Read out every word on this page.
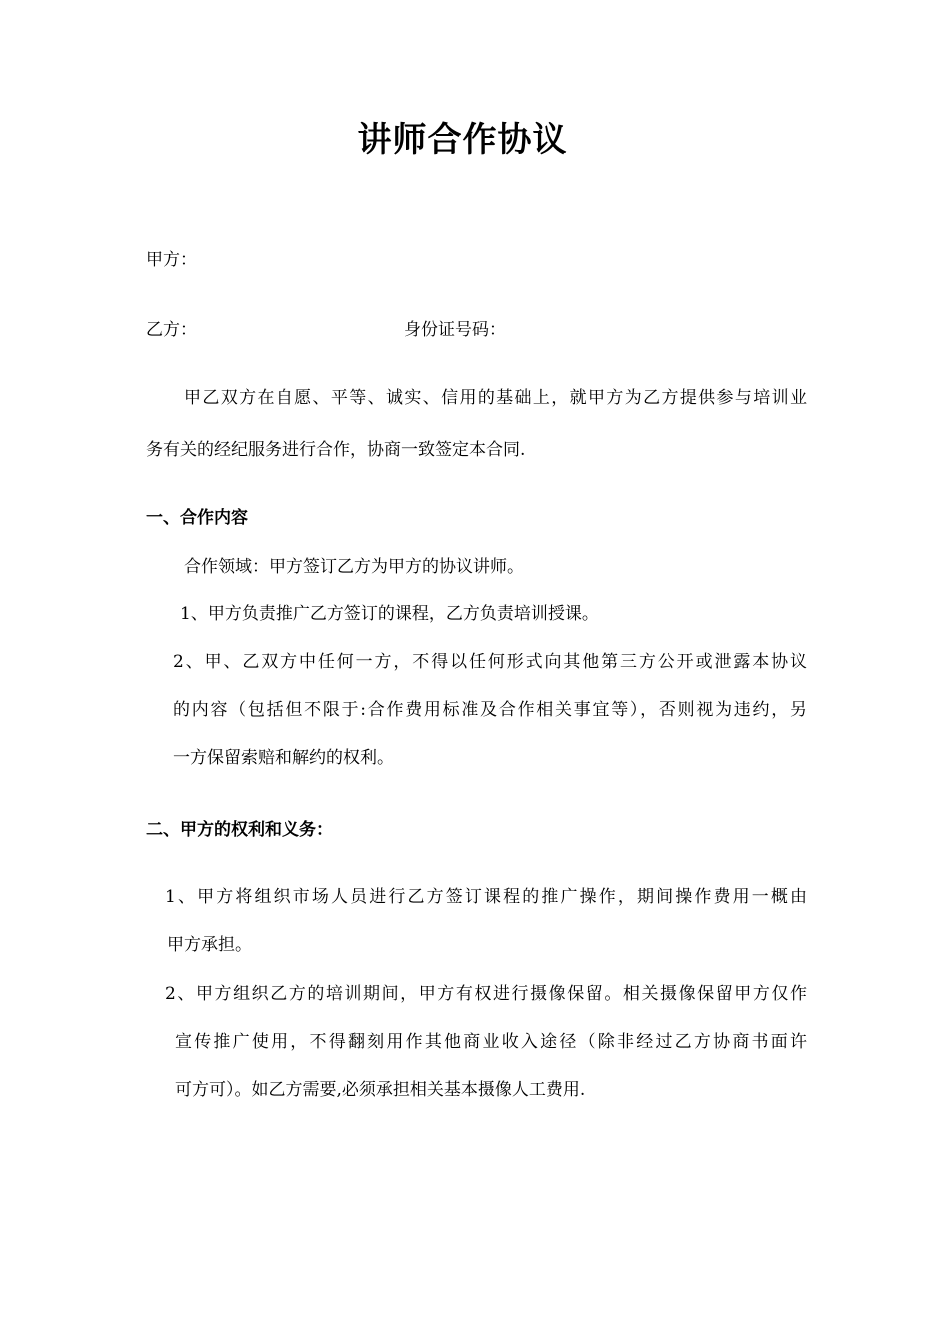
讲师合作协议
甲方：
乙方：	身份证号码：
甲乙双方在自愿、平等、诚实、信用的基础上，就甲方为乙方提供参与培训业
务有关的经纪服务进行合作，协商一致签定本合同.
一、合作内容
合作领域：甲方签订乙方为甲方的协议讲师。
1、甲方负责推广乙方签订的课程，乙方负责培训授课。
2、甲、乙双方中任何一方，不得以任何形式向其他第三方公开或泄露本协议
的内容（包括但不限于:合作费用标准及合作相关事宜等），否则视为违约，另
一方保留索赔和解约的权利。
二、甲方的权利和义务：
1、甲方将组织市场人员进行乙方签订课程的推广操作，期间操作费用一概由
甲方承担。
2、甲方组织乙方的培训期间，甲方有权进行摄像保留。相关摄像保留甲方仅作
宣传推广使用，不得翻刻用作其他商业收入途径（除非经过乙方协商书面许
可方可）。如乙方需要,必须承担相关基本摄像人工费用.
